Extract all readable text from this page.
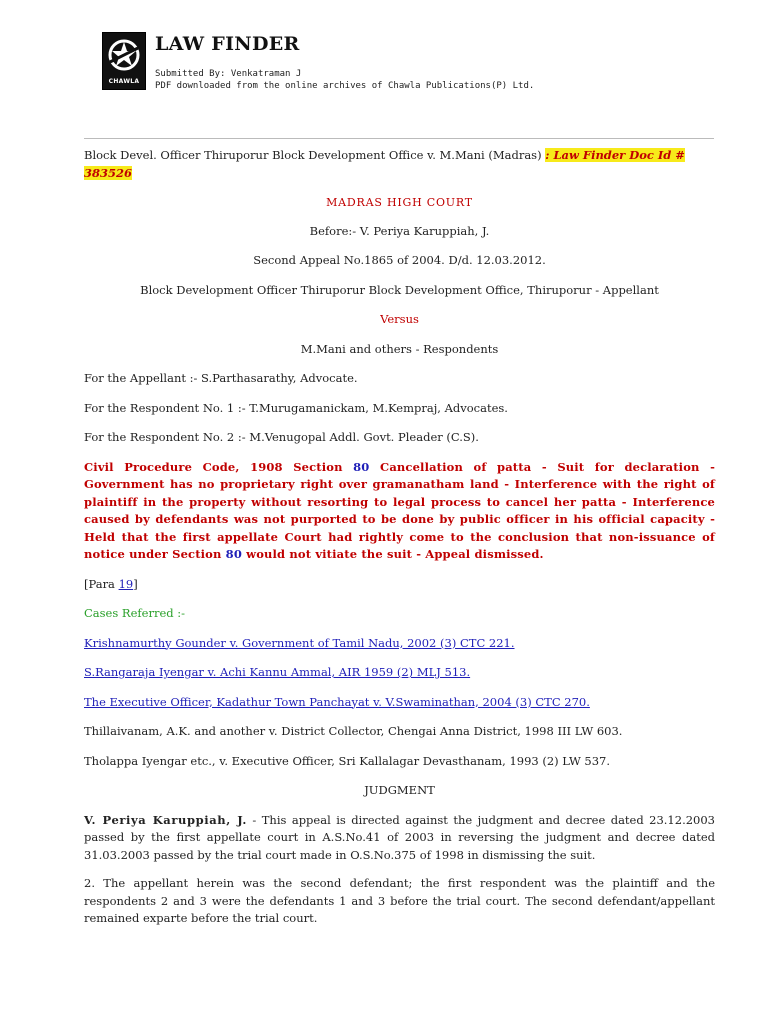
CHAWLA
LAW FINDER
Submitted By: Venkatraman J
PDF downloaded from the online archives of Chawla Publications(P) Ltd.

Block Devel. Officer Thiruporur Block Development Office v. M.Mani (Madras) : Law Finder Doc Id # 383526

MADRAS HIGH COURT

Before:- V. Periya Karuppiah, J.

Second Appeal No.1865 of 2004. D/d. 12.03.2012.

Block Development Officer Thiruporur Block Development Office, Thiruporur - Appellant

Versus

M.Mani and others - Respondents

For the Appellant :- S.Parthasarathy, Advocate.

For the Respondent No. 1 :- T.Murugamanickam, M.Kempraj, Advocates.

For the Respondent No. 2 :- M.Venugopal Addl. Govt. Pleader (C.S).

Civil Procedure Code, 1908 Section 80 Cancellation of patta - Suit for declaration - Government has no proprietary right over gramanatham land - Interference with the right of plaintiff in the property without resorting to legal process to cancel her patta - Interference caused by defendants was not purported to be done by public officer in his official capacity - Held that the first appellate Court had rightly come to the conclusion that non-issuance of notice under Section 80 would not vitiate the suit - Appeal dismissed.

[Para 19]

Cases Referred :-

Krishnamurthy Gounder v. Government of Tamil Nadu, 2002 (3) CTC 221.

S.Rangaraja Iyengar v. Achi Kannu Ammal, AIR 1959 (2) MLJ 513.

The Executive Officer, Kadathur Town Panchayat v. V.Swaminathan, 2004 (3) CTC 270.

Thillaivanam, A.K. and another v. District Collector, Chengai Anna District, 1998 III LW 603.

Tholappa Iyengar etc., v. Executive Officer, Sri Kallalagar Devasthanam, 1993 (2) LW 537.

JUDGMENT

V. Periya Karuppiah, J. - This appeal is directed against the judgment and decree dated 23.12.2003 passed by the first appellate court in A.S.No.41 of 2003 in reversing the judgment and decree dated 31.03.2003 passed by the trial court made in O.S.No.375 of 1998 in dismissing the suit.

2. The appellant herein was the second defendant; the first respondent was the plaintiff and the respondents 2 and 3 were the defendants 1 and 3 before the trial court. The second defendant/appellant remained exparte before the trial court.
